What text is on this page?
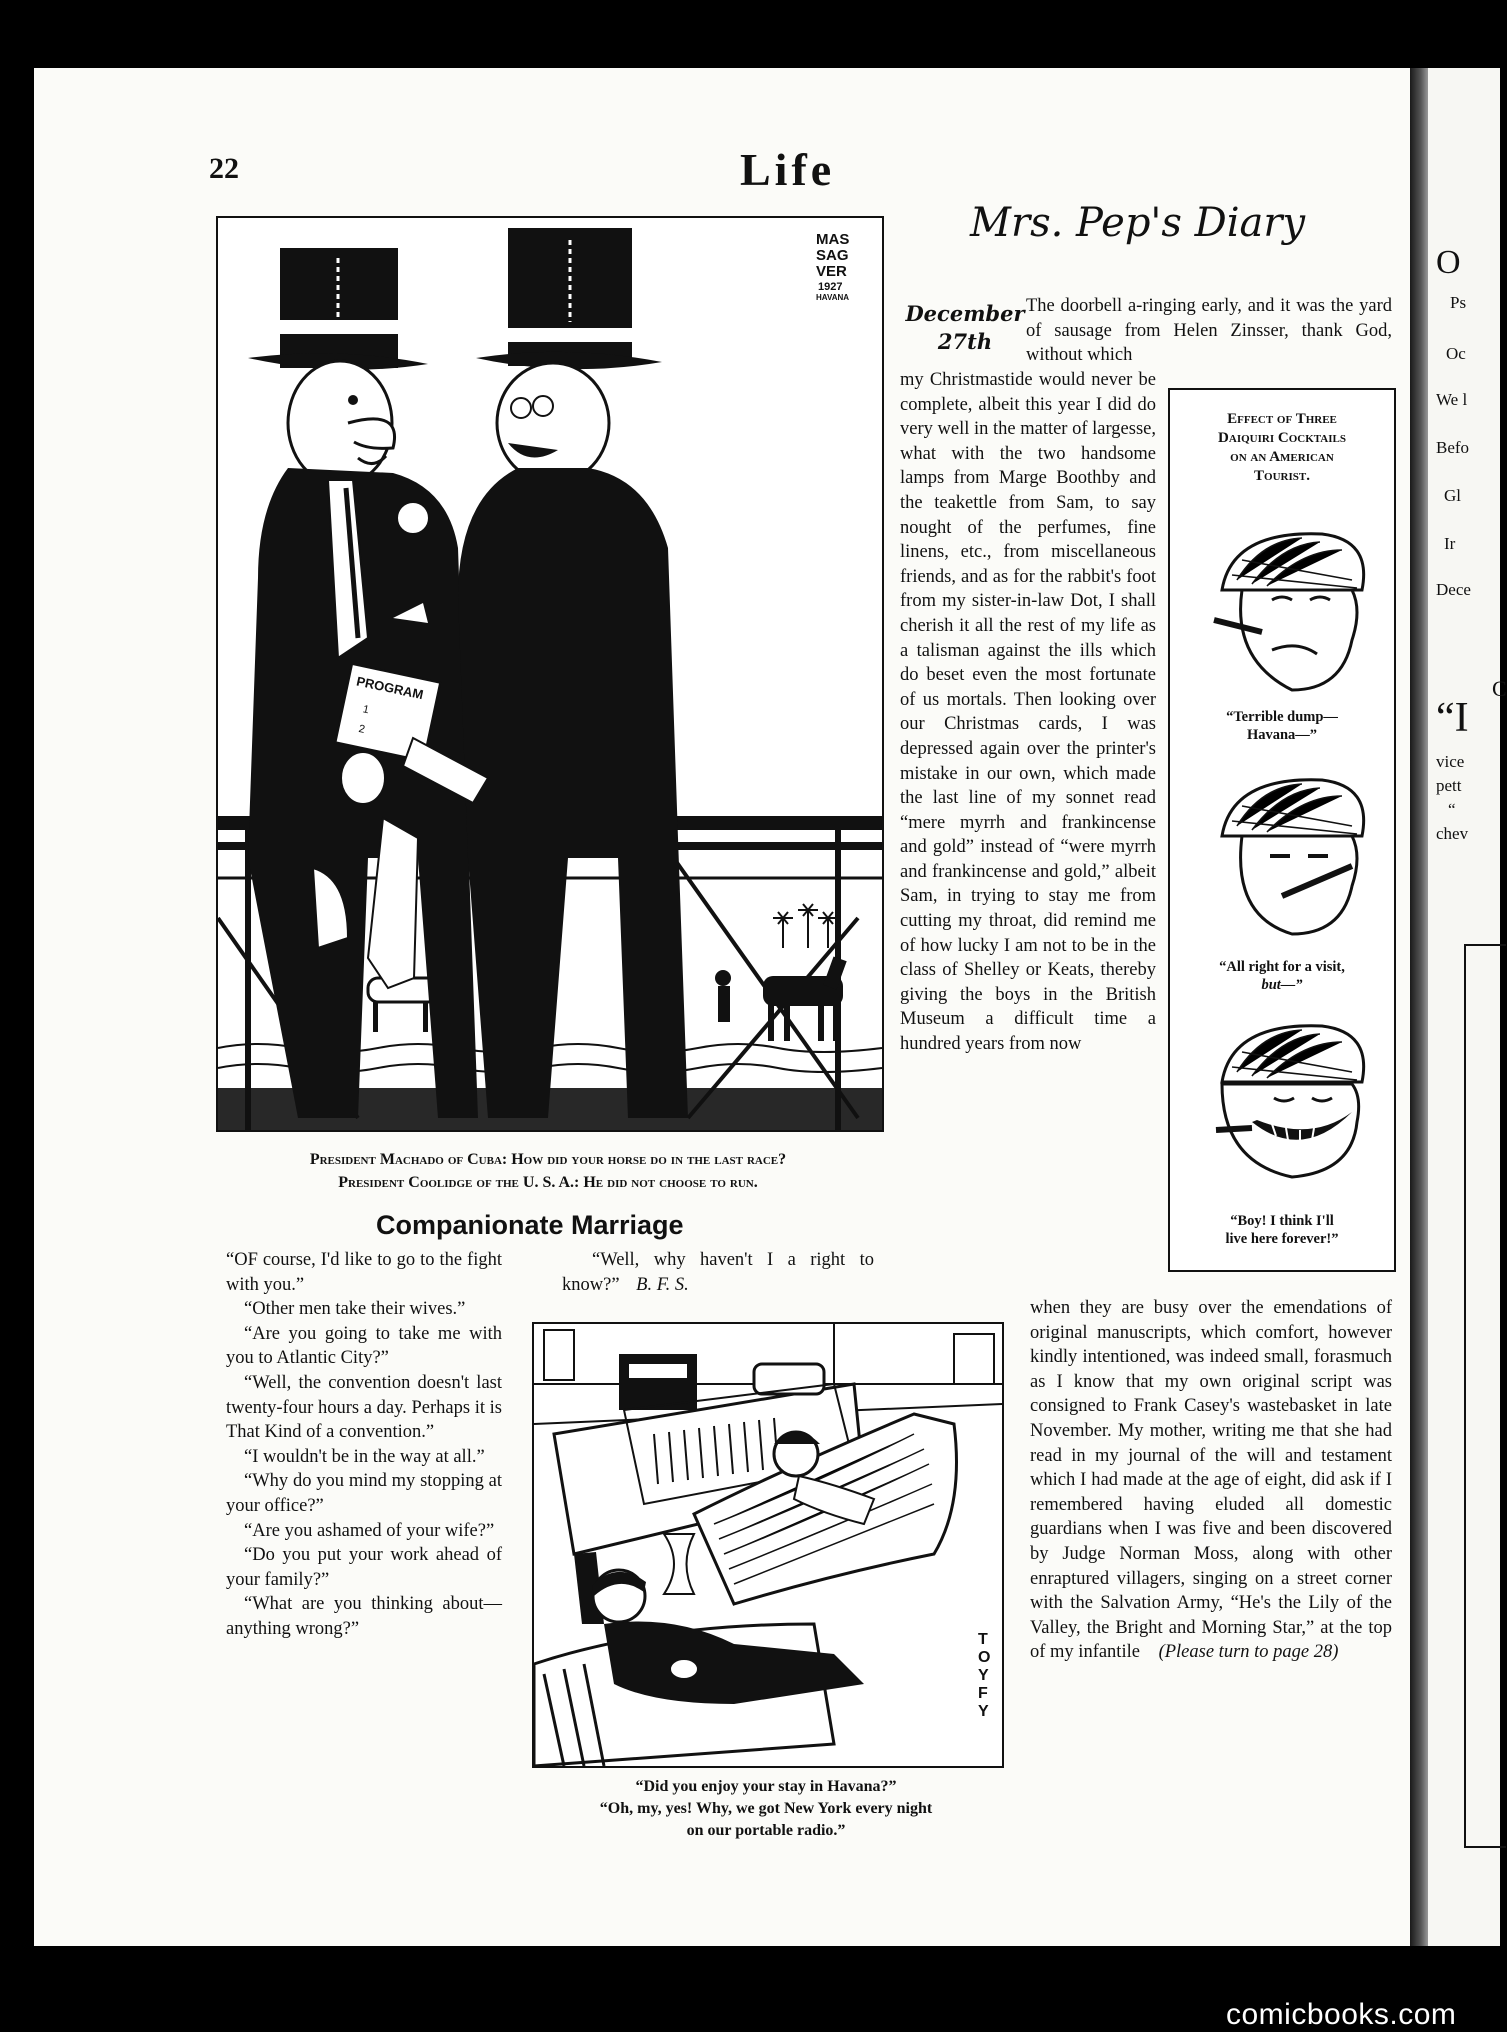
O
Ps
Oc
We l
Befo
Gl
Ir
Dece
C
“I
vice
pett
“
chev
22	Life
PROGRAM
1
2
MAS
SAG
VER
1927
HAVANA
President Machado of Cuba: How did your horse do in the last race?
President Coolidge of the U. S. A.: He did not choose to run.
Companionate Marriage

“OF course, I'd like to go to the fight with you.”

“Other men take their wives.”

“Are you going to take me with you to Atlantic City?”

“Well, the convention doesn't last twenty-four hours a day. Perhaps it is That Kind of a convention.”

“I wouldn't be in the way at all.”

“Why do you mind my stopping at your office?”

“Are you ashamed of your wife?”

“Do you put your work ahead of your family?”

“What are you thinking about—anything wrong?”

“Well, why haven't I a right to know?” B. F. S.

T
O
Y
F
Y
“Did you enjoy your stay in Havana?”
“Oh, my, yes! Why, we got New York every night
on our portable radio.”
Mrs. Pep's Diary
December
27th
The doorbell a-ringing early, and it was the yard of sausage from Helen Zinsser, thank God, without which
my Christmastide would never be complete, albeit this year I did do very well in the matter of largesse, what with the two handsome lamps from Marge Boothby and the teakettle from Sam, to say nought of the perfumes, fine linens, etc., from miscellaneous friends, and as for the rabbit's foot from my sister-in-law Dot, I shall cherish it all the rest of my life as a talisman against the ills which do beset even the most fortunate of us mortals. Then looking over our Christmas cards, I was depressed again over the printer's mistake in our own, which made the last line of my sonnet read “mere myrrh and frankincense and gold” instead of “were myrrh and frankincense and gold,” albeit Sam, in trying to stay me from cutting my throat, did remind me of how lucky I am not to be in the class of Shelley or Keats, thereby giving the boys in the British Museum a difficult time a hundred years from now

when they are busy over the emendations of original manuscripts, which comfort, however kindly intentioned, was indeed small, forasmuch as I know that my own original script was consigned to Frank Casey's wastebasket in late November. My mother, writing me that she had read in my journal of the will and testament which I had made at the age of eight, did ask if I remembered having eluded all domestic guardians when I was five and been discovered by Judge Norman Moss, along with other enraptured villagers, singing on a street corner with the Salvation Army, “He's the Lily of the Valley, the Bright and Morning Star,” at the top of my infantile (Please turn to page 28)

Effect of Three
Daiquiri Cocktails
on an American
Tourist.
“Terrible dump—
Havana—”
“All right for a visit,
but—”
“Boy! I think I'll
live here forever!”
comicbooks.com
